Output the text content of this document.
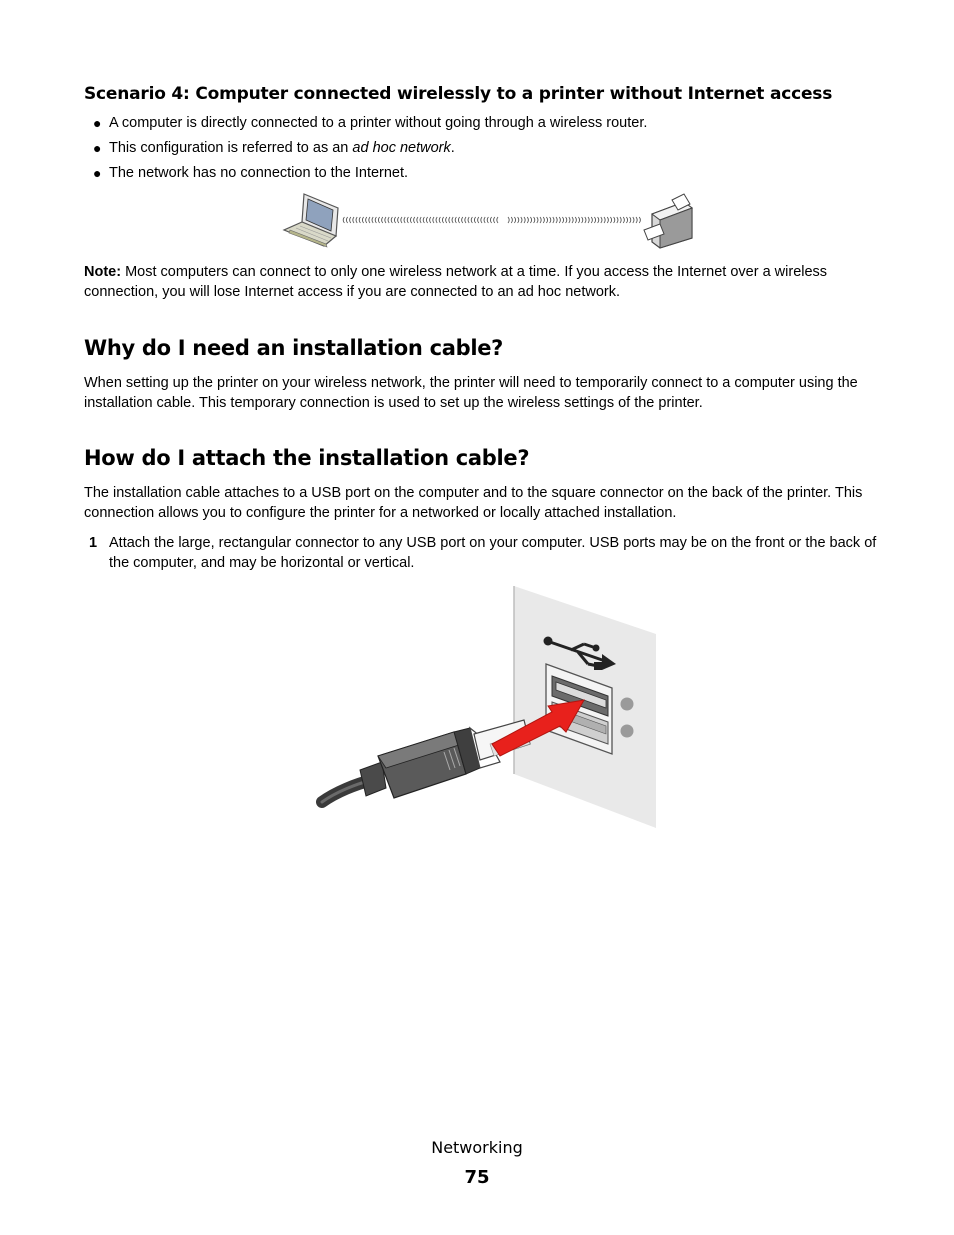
Scenario 4: Computer connected wirelessly to a printer without Internet access
● A computer is directly connected to a printer without going through a wireless router.
● This configuration is referred to as an ad hoc network.
● The network has no connection to the Internet.
Note: Most computers can connect to only one wireless network at a time. If you access the Internet over a wireless connection, you will lose Internet access if you are connected to an ad hoc network.
Why do I need an installation cable?
When setting up the printer on your wireless network, the printer will need to temporarily connect to a computer using the installation cable. This temporary connection is used to set up the wireless settings of the printer.
How do I attach the installation cable?
The installation cable attaches to a USB port on the computer and to the square connector on the back of the printer. This connection allows you to configure the printer for a networked or locally attached installation.
1 Attach the large, rectangular connector to any USB port on your computer. USB ports may be on the front or the back of the computer, and may be horizontal or vertical.
Networking
75
